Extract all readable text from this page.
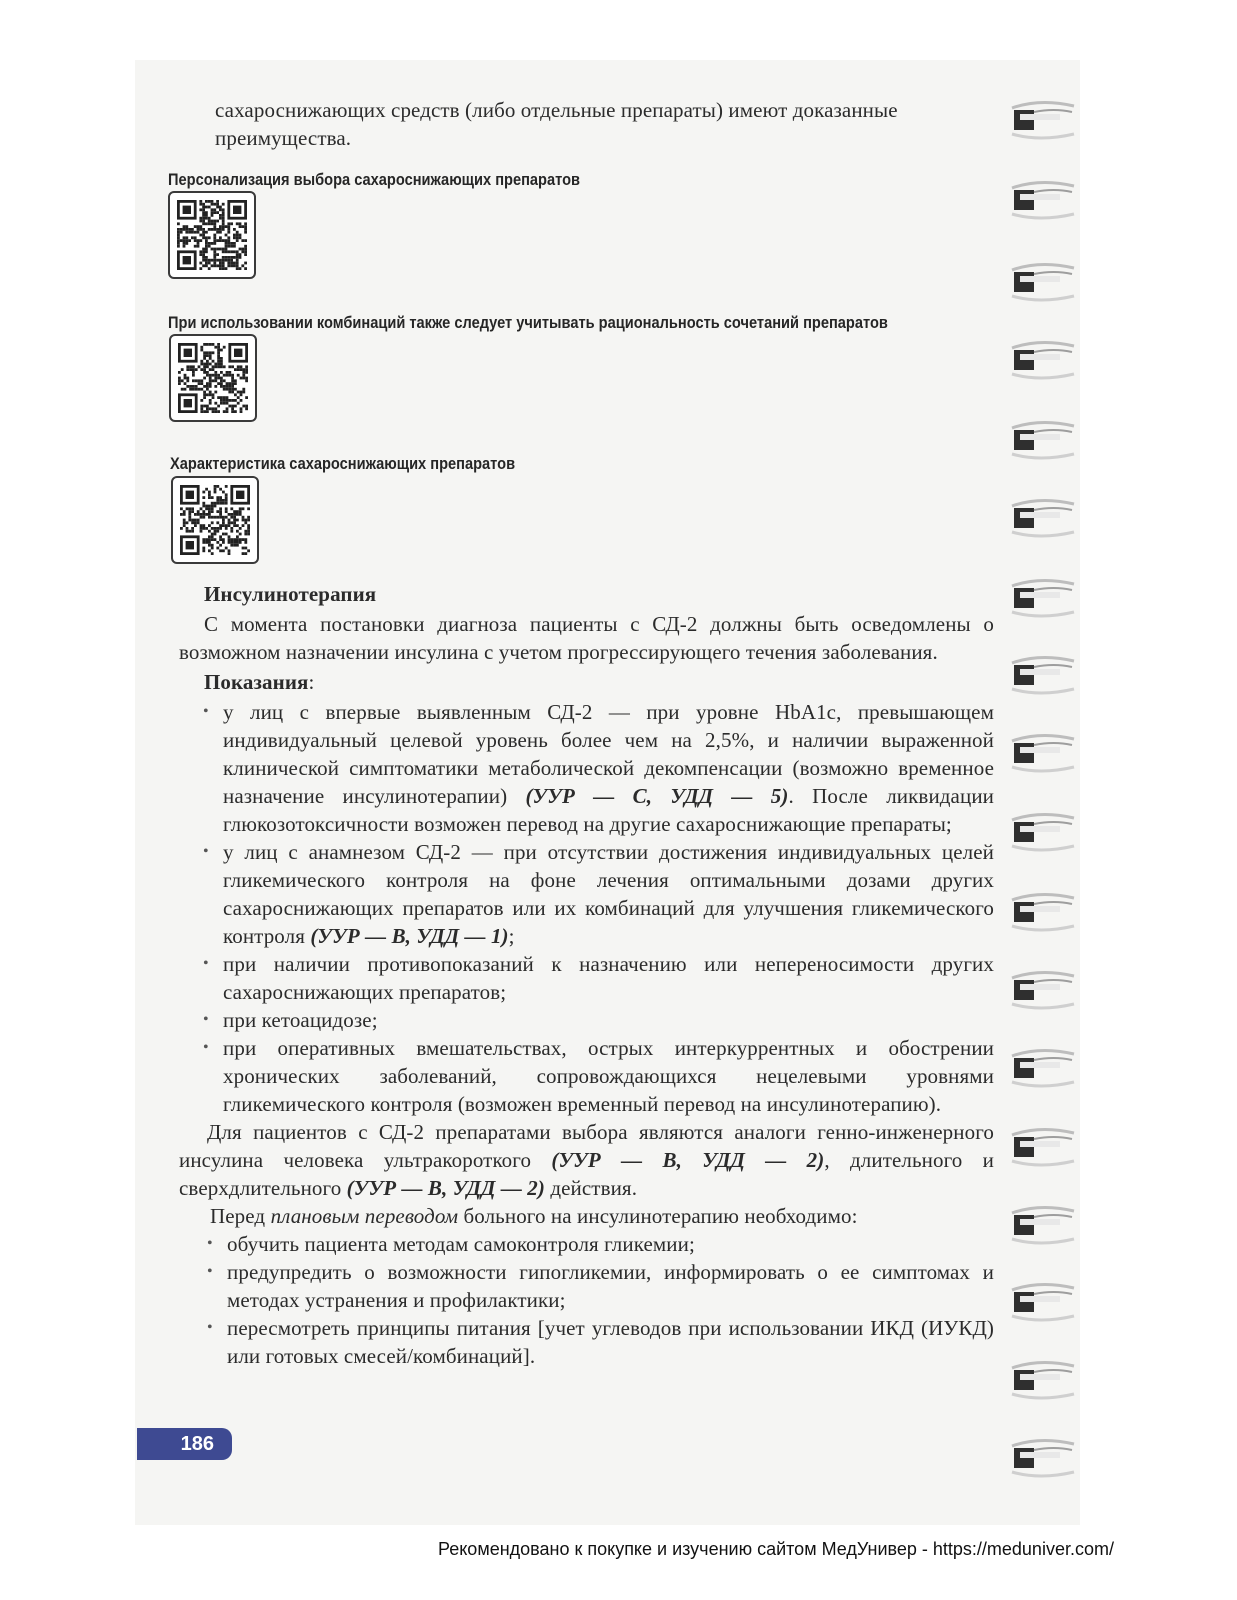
сахароснижающих средств (либо отдельные препараты) имеют доказанные преимущества.
Персонализация выбора сахароснижающих препаратов
При использовании комбинаций также следует учитывать рациональность сочетаний препаратов
Характеристика сахароснижающих препаратов
Инсулинотерапия
С момента постановки диагноза пациенты с СД-2 должны быть осведомлены о возможном назначении инсулина с учетом прогрессирующего течения заболевания.
Показания:
• у лиц с впервые выявленным СД-2 — при уровне HbA1c, превышающем индивидуальный целевой уровень более чем на 2,5%, и наличии выраженной клинической симптоматики метаболической декомпенсации (возможно временное назначение инсулинотерапии) (УУР — С, УДД — 5). После ликвидации глюкозотоксичности возможен перевод на другие сахароснижающие препараты;
• у лиц с анамнезом СД-2 — при отсутствии достижения индивидуальных целей гликемического контроля на фоне лечения оптимальными дозами других сахароснижающих препаратов или их комбинаций для улучшения гликемического контроля (УУР — В, УДД — 1);
• при наличии противопоказаний к назначению или непереносимости других сахароснижающих препаратов;
• при кетоацидозе;
• при оперативных вмешательствах, острых интеркуррентных и обострении хронических заболеваний, сопровождающихся нецелевыми уровнями гликемического контроля (возможен временный перевод на инсулинотерапию).
Для пациентов с СД-2 препаратами выбора являются аналоги генно-инженерного инсулина человека ультракороткого (УУР — В, УДД — 2), длительного и сверхдлительного (УУР — В, УДД — 2) действия.
Перед плановым переводом больного на инсулинотерапию необходимо:
• обучить пациента методам самоконтроля гликемии;
• предупредить о возможности гипогликемии, информировать о ее симптомах и методах устранения и профилактики;
• пересмотреть принципы питания [учет углеводов при использовании ИКД (ИУКД) или готовых смесей/комбинаций].
186
Рекомендовано к покупке и изучению сайтом МедУнивер - https://meduniver.com/
